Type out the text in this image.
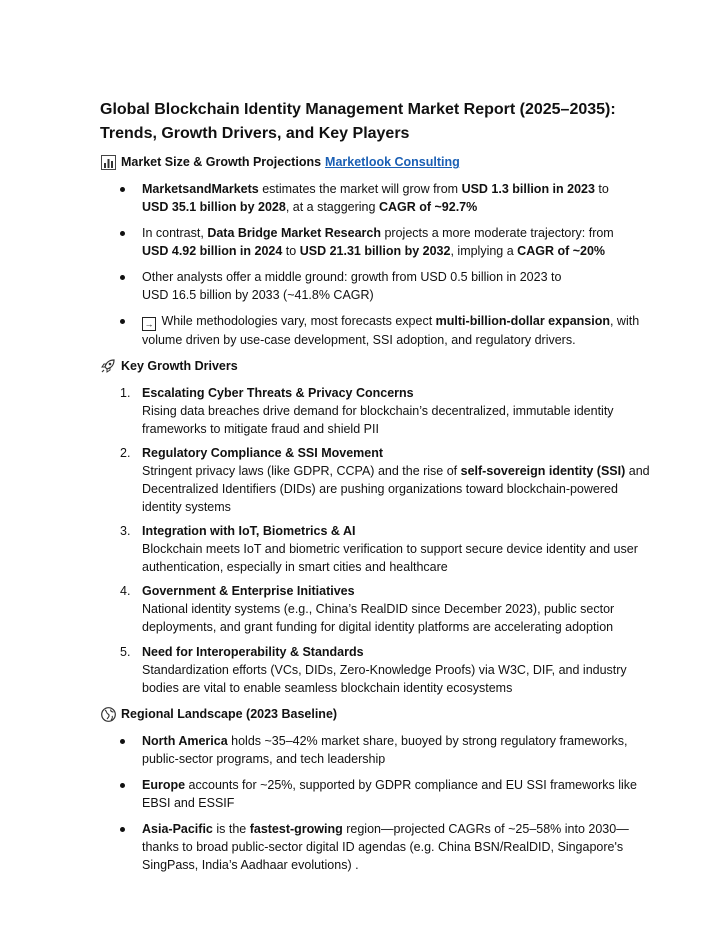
Global Blockchain Identity Management Market Report (2025–2035):
Trends, Growth Drivers, and Key Players
Market Size & Growth Projections Marketlook Consulting
MarketsandMarkets estimates the market will grow from USD 1.3 billion in 2023 to
USD 35.1 billion by 2028, at a staggering CAGR of ~92.7%
In contrast, Data Bridge Market Research projects a more moderate trajectory: from
USD 4.92 billion in 2024 to USD 21.31 billion by 2032, implying a CAGR of ~20%
Other analysts offer a middle ground: growth from USD 0.5 billion in 2023 to
USD 16.5 billion by 2033 (~41.8% CAGR)
→ While methodologies vary, most forecasts expect multi-billion-dollar expansion, with
volume driven by use-case development, SSI adoption, and regulatory drivers.
Key Growth Drivers
1. Escalating Cyber Threats & Privacy Concerns
Rising data breaches drive demand for blockchain’s decentralized, immutable identity
frameworks to mitigate fraud and shield PII
2. Regulatory Compliance & SSI Movement
Stringent privacy laws (like GDPR, CCPA) and the rise of self-sovereign identity (SSI) and
Decentralized Identifiers (DIDs) are pushing organizations toward blockchain-powered
identity systems
3. Integration with IoT, Biometrics & AI
Blockchain meets IoT and biometric verification to support secure device identity and user
authentication, especially in smart cities and healthcare
4. Government & Enterprise Initiatives
National identity systems (e.g., China’s RealDID since December 2023), public sector
deployments, and grant funding for digital identity platforms are accelerating adoption
5. Need for Interoperability & Standards
Standardization efforts (VCs, DIDs, Zero-Knowledge Proofs) via W3C, DIF, and industry
bodies are vital to enable seamless blockchain identity ecosystems
Regional Landscape (2023 Baseline)
North America holds ~35–42% market share, buoyed by strong regulatory frameworks,
public-sector programs, and tech leadership
Europe accounts for ~25%, supported by GDPR compliance and EU SSI frameworks like
EBSI and ESSIF
Asia-Pacific is the fastest-growing region—projected CAGRs of ~25–58% into 2030—
thanks to broad public-sector digital ID agendas (e.g. China BSN/RealDID, Singapore's
SingPass, India’s Aadhaar evolutions) .
